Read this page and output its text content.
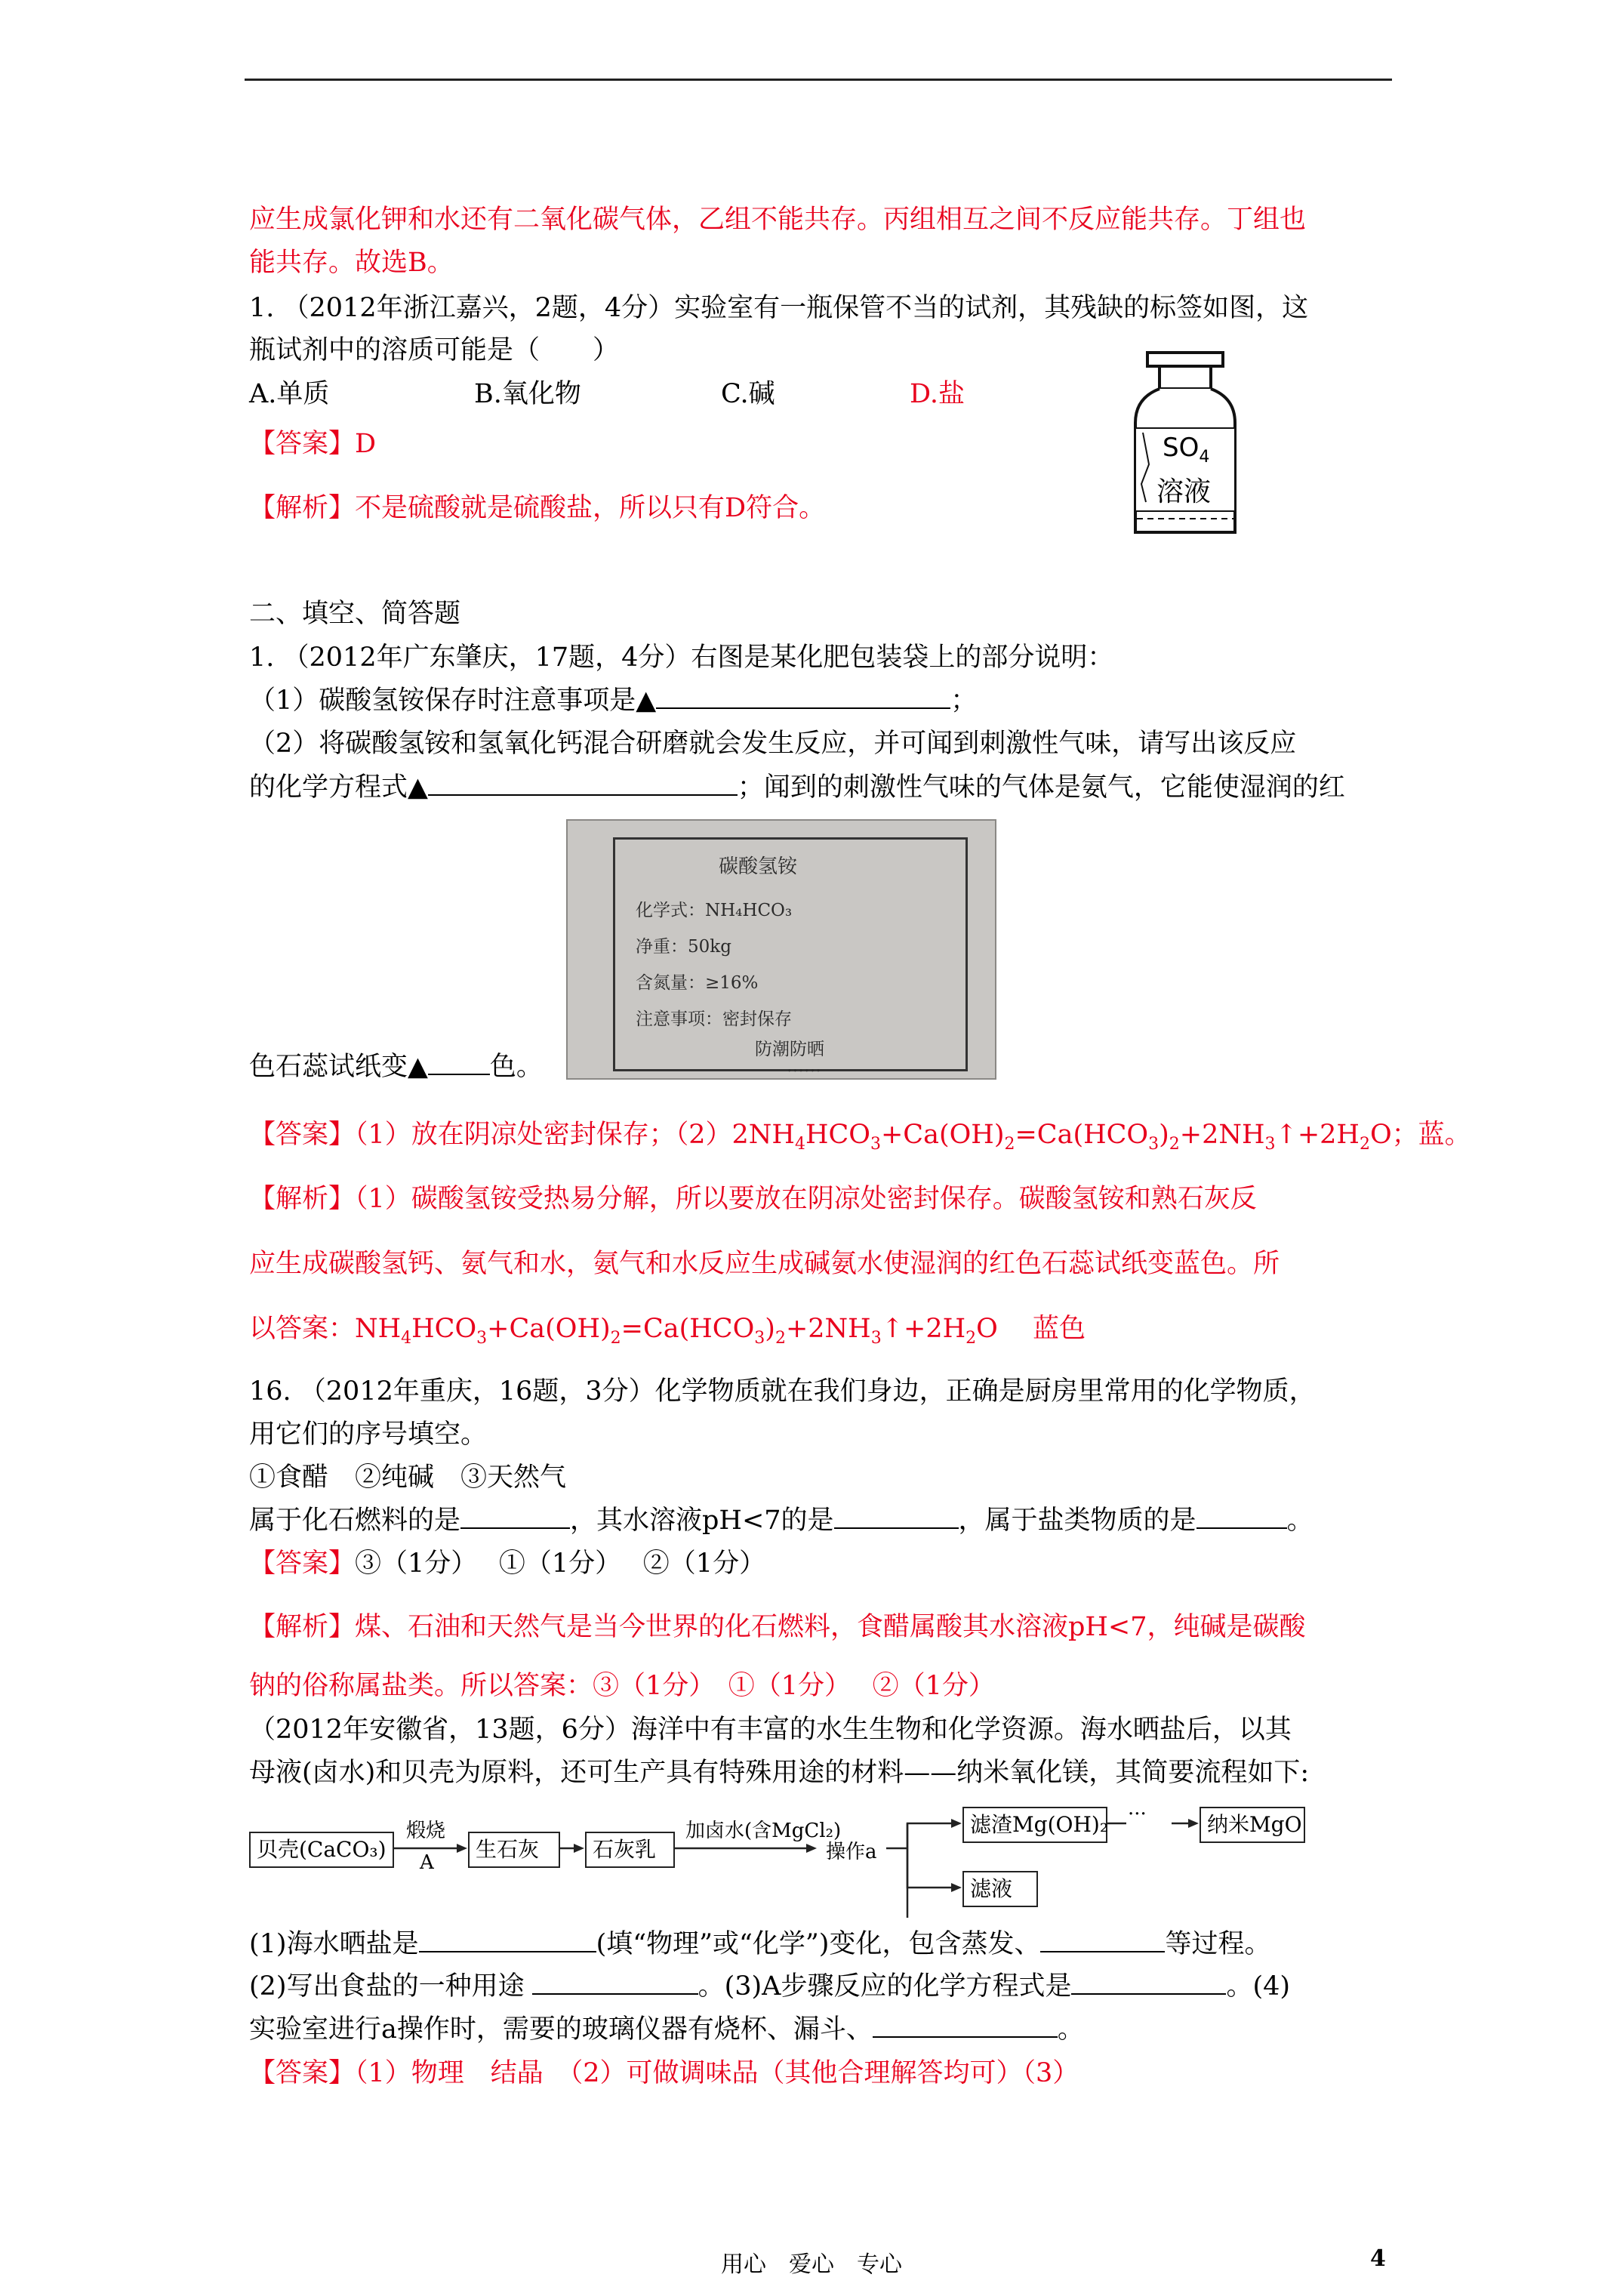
应生成氯化钾和水还有二氧化碳气体，乙组不能共存。丙组相互之间不反应能共存。丁组也
能共存。故选B。
1. （2012年浙江嘉兴，2题，4分）实验室有一瓶保管不当的试剂，其残缺的标签如图，这
瓶试剂中的溶质可能是（　　）
A.单质	B.氧化物	C.碱	D.盐
【答案】D
【解析】不是硫酸就是硫酸盐，所以只有D符合。
$SO_4$
溶液
二、填空、简答题
1. （2012年广东肇庆，17题，4分）右图是某化肥包装袋上的部分说明：
（1）碳酸氢铵保存时注意事项是▲	；
（2）将碳酸氢铵和氢氧化钙混合研磨就会发生反应，并可闻到刺激性气味，请写出该反应
的化学方程式▲	；闻到的刺激性气味的气体是氨气，它能使湿润的红
碳酸氢铵
化学式：NH₄HCO₃
净重：50kg
含氮量：≥16%
注意事项：密封保存
防潮防晒
……
色石蕊试纸变▲ 色。
【答案】（1）放在阴凉处密封保存；$(2)2NH_4HCO_3+Ca(OH)_2=Ca(HCO_3)_2+2NH_3↑+2H_2O$；蓝。
【解析】（1）碳酸氢铵受热易分解，所以要放在阴凉处密封保存。碳酸氢铵和熟石灰反
应生成碳酸氢钙、氨气和水，氨气和水反应生成碱氨水使湿润的红色石蕊试纸变蓝色。所
以答案：$NH_4HCO_3+Ca(OH)_2=Ca(HCO_3)_2+2NH_3↑+2H_2O$　 蓝色
16. （2012年重庆，16题，3分）化学物质就在我们身边，正确是厨房里常用的化学物质，
用它们的序号填空。
①食醋　②纯碱　③天然气
属于化石燃料的是	，其水溶液pH<7的是	，属于盐类物质的是	。
【答案】③（1分）　 ①（1分）　 ②（1分）
【解析】煤、石油和天然气是当今世界的化石燃料，食醋属酸其水溶液pH<7，纯碱是碳酸
钠的俗称属盐类。所以答案：③（1分）　①（1分）　 ②（1分）
（2012年安徽省，13题，6分）海洋中有丰富的水生生物和化学资源。海水晒盐后，以其
母液(卤水)和贝壳为原料，还可生产具有特殊用途的材料——纳米氧化镁，其简要流程如下:
贝壳(CaCO₃)
煅烧
A
生石灰	石灰乳
加卤水(含MgCl₂)
操作a
滤渣Mg(OH)₂ ···	纳米MgO
滤液
(1)海水晒盐是	(填“物理”或“化学”)变化，包含蒸发、	等过程。
(2)写出食盐的一种用途	。(3)A步骤反应的化学方程式是	。(4)
实验室进行a操作时，需要的玻璃仪器有烧杯、漏斗、	。
【答案】（1）物理　结晶　（2）可做调味品（其他合理解答均可）（3）
用心　爱心　专心	4
